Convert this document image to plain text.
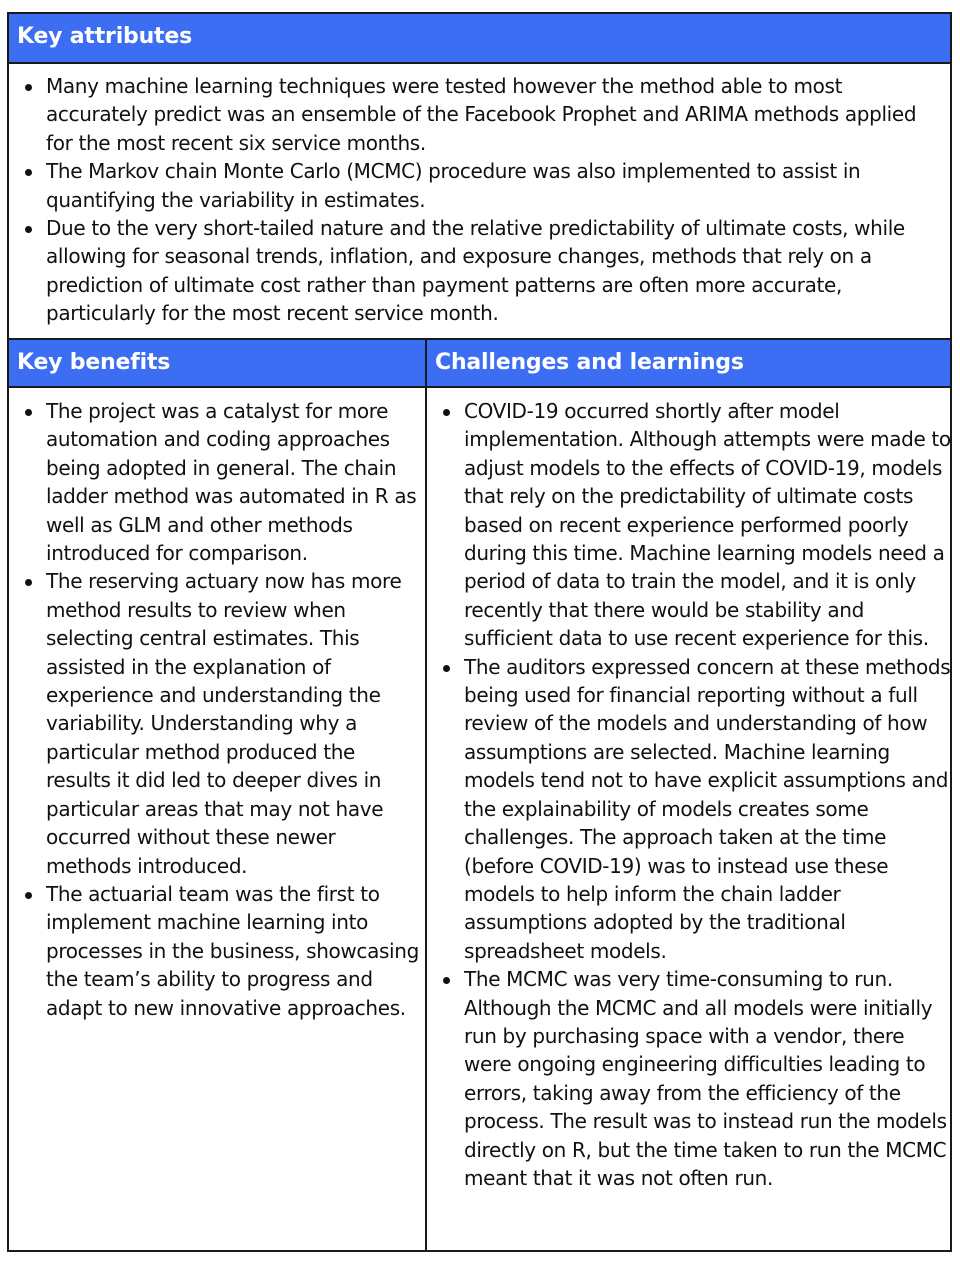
Key attributes
Many machine learning techniques were tested however the method able to most accurately predict was an ensemble of the Facebook Prophet and ARIMA methods applied for the most recent six service months.
The Markov chain Monte Carlo (MCMC) procedure was also implemented to assist in quantifying the variability in estimates.
Due to the very short-tailed nature and the relative predictability of ultimate costs, while allowing for seasonal trends, inflation, and exposure changes, methods that rely on a prediction of ultimate cost rather than payment patterns are often more accurate, particularly for the most recent service month.
Key benefits	Challenges and learnings
The project was a catalyst for more automation and coding approaches being adopted in general. The chain ladder method was automated in R as well as GLM and other methods introduced for comparison.
The reserving actuary now has more method results to review when selecting central estimates. This assisted in the explanation of experience and understanding the variability. Understanding why a particular method produced the results it did led to deeper dives in particular areas that may not have occurred without these newer methods introduced.
The actuarial team was the first to implement machine learning into processes in the business, showcasing the team’s ability to progress and adapt to new innovative approaches.
COVID-19 occurred shortly after model implementation. Although attempts were made to adjust models to the effects of COVID-19, models that rely on the predictability of ultimate costs based on recent experience performed poorly during this time. Machine learning models need a period of data to train the model, and it is only recently that there would be stability and sufficient data to use recent experience for this.
The auditors expressed concern at these methods being used for financial reporting without a full review of the models and understanding of how assumptions are selected. Machine learning models tend not to have explicit assumptions and the explainability of models creates some challenges. The approach taken at the time (before COVID-19) was to instead use these models to help inform the chain ladder assumptions adopted by the traditional spreadsheet models.
The MCMC was very time-consuming to run. Although the MCMC and all models were initially run by purchasing space with a vendor, there were ongoing engineering difficulties leading to errors, taking away from the efficiency of the process. The result was to instead run the models directly on R, but the time taken to run the MCMC meant that it was not often run.
